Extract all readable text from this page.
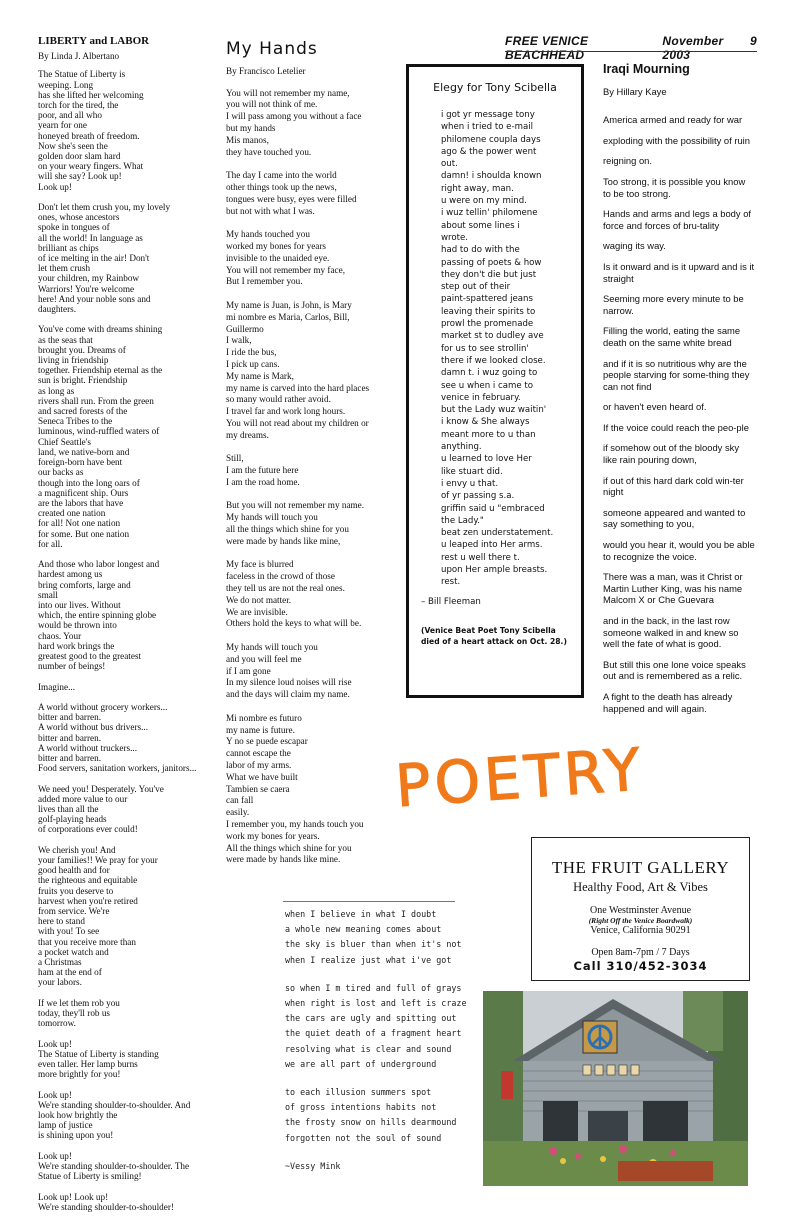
FREE VENICE BEACHHEAD
November 2003
9
LIBERTY and LABOR
By Linda J. Albertano
The Statue of Liberty is
weeping. Long
has she lifted her welcoming
torch for the tired, the
poor, and all who
yearn for one
honeyed breath of freedom.
Now she's seen the
golden door slam hard
on your weary fingers. What
will she say? Look up!
Look up!
Don't let them crush you, my lovely
ones, whose ancestors
spoke in tongues of
all the world! In language as
brilliant as chips
of ice melting in the air! Don't
let them crush
your children, my Rainbow
Warriors! You're welcome
here! And your noble sons and
daughters.
You've come with dreams shining
as the seas that
brought you. Dreams of
living in friendship
together. Friendship eternal as the
sun is bright. Friendship
as long as
rivers shall run. From the green
and sacred forests of the
Seneca Tribes to the
luminous, wind-ruffled waters of
Chief Seattle's
land, we native-born and
foreign-born have bent
our backs as
though into the long oars of
a magnificent ship. Ours
are the labors that have
created one nation
for all! Not one nation
for some. But one nation
for all.
And those who labor longest and
hardest among us
bring comforts, large and
small
into our lives. Without
which, the entire spinning globe
would be thrown into
chaos. Your
hard work brings the
greatest good to the greatest
number of beings!
Imagine...
A world without grocery workers...
bitter and barren.
A world without bus drivers...
bitter and barren.
A world without truckers...
bitter and barren.
Food servers, sanitation workers, janitors...
We need you! Desperately. You've
added more value to our
lives than all the
golf-playing heads
of corporations ever could!
We cherish you! And
your families!! We pray for your
good health and for
the righteous and equitable
fruits you deserve to
harvest when you're retired
from service. We're
here to stand
with you! To see
that you receive more than
a pocket watch and
a Christmas
ham at the end of
your labors.
If we let them rob you
today, they'll rob us
tomorrow.
Look up!
The Statue of Liberty is standing
even taller. Her lamp burns
more brightly for you!
Look up!
We're standing shoulder-to-shoulder. And
look how brightly the
lamp of justice
is shining upon you!
Look up!
We're standing shoulder-to-shoulder. The
Statue of Liberty is smiling!
Look up! Look up!
We're standing shoulder-to-shoulder!
My Hands
By Francisco Letelier
You will not remember my name,
you will not think of me.
I will pass among you without a face
but my hands
Mis manos,
they have touched you.
The day I came into the world
other things took up the news,
tongues were busy, eyes were filled
but not with what I was.
My hands touched you
worked my bones for years
invisible to the unaided eye.
You will not remember my face,
But I remember you.
My name is Juan, is John, is Mary
mi nombre es Maria, Carlos, Bill,
Guillermo
I walk,
I ride the bus,
I pick up cans.
My name is Mark,
my name is carved into the hard places
so many would rather avoid.
I travel far and work long hours.
You will not read about my children or
my dreams.
Still,
I am the future here
I am the road home.
But you will not remember my name.
My hands will touch you
all the things which shine for you
were made by hands like mine,
My face is blurred
faceless in the crowd of those
they tell us are not the real ones.
We do not matter.
We are invisible.
Others hold the keys to what will be.
My hands will touch you
and you will feel me
if I am gone
In my silence loud noises will rise
and the days will claim my name.
Mi nombre es futuro
my name is future.
Y no se puede escapar
cannot escape the
labor of my arms.
What we have built
Tambien se caera
can fall
easily.
I remember you, my hands touch you
work my bones for years.
All the things which shine for you
were made by hands like mine.
Elegy for Tony Scibella
i got yr message tony
when i tried to e-mail
philomene coupla days
ago & the power went
out.
damn! i shoulda known
right away, man.
u were on my mind.
i wuz tellin' philomene
about some lines i
wrote.
had to do with the
passing of poets & how
they don't die but just
step out of their
paint-spattered jeans
leaving their spirits to
prowl the promenade
market st to dudley ave
for us to see strollin'
there if we looked close.
damn t. i wuz going to
see u when i came to
venice in february.
but the Lady wuz waitin'
i know & She always
meant more to u than
anything.
u learned to love Her
like stuart did.
i envy u that.
of yr passing s.a.
griffin said u "embraced
the Lady."
beat zen understatement.
u leaped into Her arms.
rest u well there t.
upon Her ample breasts.
rest.
– Bill Fleeman
(Venice Beat Poet Tony Scibella died of a heart attack on Oct. 28.)
Iraqi Mourning
By Hillary Kaye

America armed and ready for war

exploding with the possibility of ruin

reigning on.

Too strong, it is possible you know to be too strong.

Hands and arms and legs a body of force and forces of bru-tality

waging its way.

Is it onward and is it upward and is it straight

Seeming more every minute to be narrow.

Filling the world, eating the same death on the same white bread

and if it is so nutritious why are the people starving for some-thing they can not find

or haven't even heard of.

If the voice could reach the peo-ple

if somehow out of the bloody sky like rain pouring down,

if out of this hard dark cold win-ter night

someone appeared and wanted to say something to you,

would you hear it, would you be able to recognize the voice.

There was a man, was it Christ or Martin Luther King, was his name Malcom X or Che Guevara

and in the back, in the last row someone walked in and knew so well the fate of what is good.

But still this one lone voice speaks out and is remembered as a relic.

A fight to the death has already happened and will again.

POETRY
THE FRUIT GALLERY
Healthy Food, Art & Vibes
One Westminster Avenue
(Right Off the Venice Boardwalk)
Venice, California 90291
Open 8am-7pm / 7 Days
Call 310/452-3034
when I believe in what I doubt
a whole new meaning comes about
the sky is bluer than when it's not
when I realize just what i've got
so when I m tired and full of grays
when right is lost and left is craze
the cars are ugly and spitting out
the quiet death of a fragment heart
resolving what is clear and sound
we are all part of underground
to each illusion summers spot
of gross intentions habits not
the frosty snow on hills dearmound
forgotten not the soul of sound
~Vessy Mink
